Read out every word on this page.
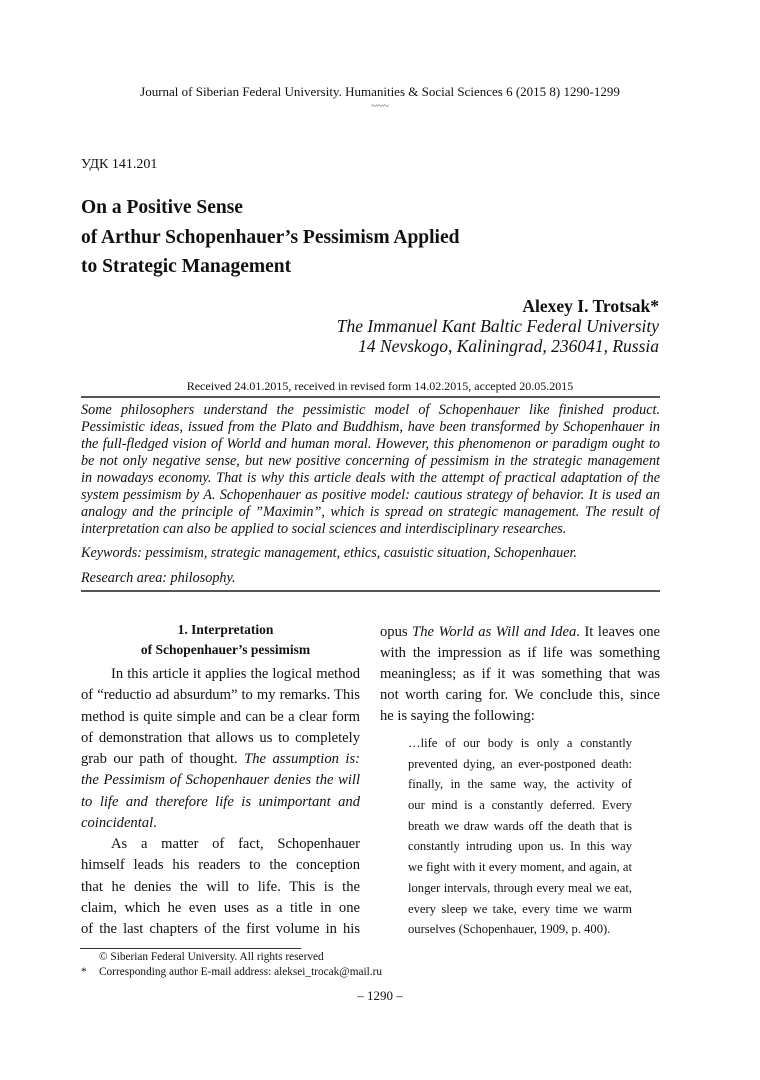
Journal of Siberian Federal University. Humanities & Social Sciences 6 (2015 8) 1290-1299
~~~
УДК 141.201
On a Positive Sense
of Arthur Schopenhauer’s Pessimism Applied
to Strategic Management
Alexey I. Trotsak*
The Immanuel Kant Baltic Federal University
14 Nevskogo, Kaliningrad, 236041, Russia
Received 24.01.2015, received in revised form 14.02.2015, accepted 20.05.2015
Some philosophers understand the pessimistic model of Schopenhauer like finished product.
Pessimistic ideas, issued from the Plato and Buddhism, have been transformed by Schopenhauer in
the full-fledged vision of World and human moral. However, this phenomenon or paradigm ought to
be not only negative sense, but new positive concerning of pessimism in the strategic management
in nowadays economy. That is why this article deals with the attempt of practical adaptation of the
system pessimism by A. Schopenhauer as positive model: cautious strategy of behavior. It is used an
analogy and the principle of ”Maximin”, which is spread on strategic management. The result of
interpretation can also be applied to social sciences and interdisciplinary researches.
Keywords: pessimism, strategic management, ethics, casuistic situation, Schopenhauer.
Research area: philosophy.
1. Interpretation
of Schopenhauer’s pessimism
In this article it applies the logical method
of “reductio ad absurdum” to my remarks. This
method is quite simple and can be a clear form
of demonstration that allows us to completely
grab our path of thought. The assumption is:
the Pessimism of Schopenhauer denies the will
to life and therefore life is unimportant and
coincidental.
As a matter of fact, Schopenhauer
himself leads his readers to the conception
that he denies the will to life. This is the
claim, which he even uses as a title in one
of the last chapters of the first volume in his
opus The World as Will and Idea. It leaves one
with the impression as if life was something
meaningless; as if it was something that was
not worth caring for. We conclude this, since
he is saying the following:
…life of our body is only a constantly
prevented dying, an ever-postponed death:
finally, in the same way, the activity of
our mind is a constantly deferred. Every
breath we draw wards off the death that is
constantly intruding upon us. In this way
we fight with it every moment, and again, at
longer intervals, through every meal we eat,
every sleep we take, every time we warm
ourselves (Schopenhauer, 1909, p. 400).
© Siberian Federal University. All rights reserved
* Corresponding author E-mail address: aleksei_trocak@mail.ru
– 1290 –
